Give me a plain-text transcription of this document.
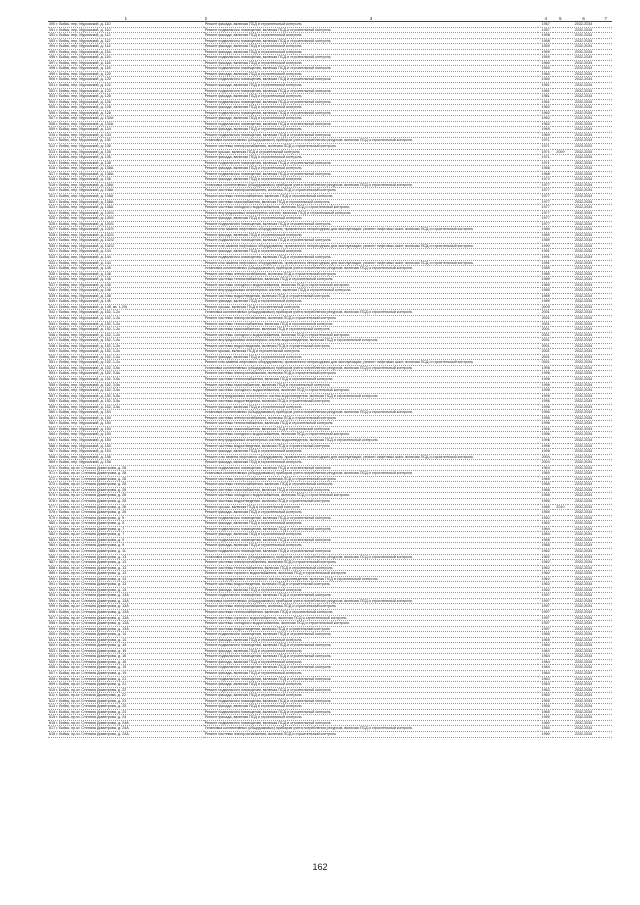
1	2	3	4	5	6	7
490 г. Бийск, пер. Муромский, д. 110		Ремонт фасада, включая ПСД и строительный контроль	1957		2032-2034	
491 г. Бийск, пер. Муромский, д. 110		Ремонт подвального помещения, включая ПСД и строительный контроль	1957		2032-2034	
492 г. Бийск, пер. Муромский, д. 112		Ремонт фасада, включая ПСД и строительный контроль	1958		2032-2034	
493 г. Бийск, пер. Муромский, д. 112		Ремонт подвального помещения, включая ПСД и строительный контроль	1958		2032-2034	
494 г. Бийск, пер. Муромский, д. 114		Ремонт фасада, включая ПСД и строительный контроль	1959		2032-2034	
495 г. Бийск, пер. Муромский, д. 116		Ремонт фасада, включая ПСД и строительный контроль	1959		2032-2034	
496 г. Бийск, пер. Муромский, д. 116		Ремонт подвального помещения, включая ПСД и строительный контроль	1959		2032-2034	
497 г. Бийск, пер. Муромский, д. 118		Ремонт фасада, включая ПСД и строительный контроль	1960		2032-2034	
498 г. Бийск, пер. Муромский, д. 118		Ремонт подвального помещения, включая ПСД и строительный контроль	1960		2032-2034	
499 г. Бийск, пер. Муромский, д. 120		Ремонт фасада, включая ПСД и строительный контроль	1960		2032-2034	
500 г. Бийск, пер. Муромский, д. 120		Ремонт подвального помещения, включая ПСД и строительный контроль	1960		2032-2034	
501 г. Бийск, пер. Муромский, д. 122		Ремонт фасада, включая ПСД и строительный контроль	1961		2032-2034	
502 г. Бийск, пер. Муромский, д. 122		Ремонт подвального помещения, включая ПСД и строительный контроль	1961		2032-2034	
503 г. Бийск, пер. Муромский, д. 126		Ремонт фасада, включая ПСД и строительный контроль	1961		2032-2034	
504 г. Бийск, пер. Муромский, д. 126		Ремонт подвального помещения, включая ПСД и строительный контроль	1961		2032-2034	
505 г. Бийск, пер. Муромский, д. 128		Ремонт фасада, включая ПСД и строительный контроль	1962		2032-2034	
506 г. Бийск, пер. Муромский, д. 128		Ремонт подвального помещения, включая ПСД и строительный контроль	1962		2032-2034	
507 г. Бийск, пер. Муромский, д. 130А		Ремонт фасада, включая ПСД и строительный контроль	1962		2032-2034	
508 г. Бийск, пер. Муромский, д. 130А		Ремонт подвального помещения, включая ПСД и строительный контроль	1962		2032-2034	
509 г. Бийск, пер. Муромский, д. 134		Ремонт фасада, включая ПСД и строительный контроль	1969		2032-2034	
510 г. Бийск, пер. Муромский, д. 134		Ремонт подвального помещения, включая ПСД и строительный контроль	1969		2032-2034	
511 г. Бийск, пер. Муромский, д. 136		Установка коллективных (общедомовых) приборов учета потребления ресурсов, включая ПСД и строительный контроль	1971		2032-2034	
512 г. Бийск, пер. Муромский, д. 136		Ремонт системы электроснабжения, включая ПСД и строительный контроль	1971		2020-2022	
513 г. Бийск, пер. Муромский, д. 136		Ремонт крыши, включая ПСД и строительный контроль	1971	2009	2032-2034	
514 г. Бийск, пер. Муромский, д. 136		Ремонт фасада, включая ПСД и строительный контроль	1971		2032-2034	
515 г. Бийск, пер. Муромский, д. 138		Ремонт подвального помещения, включая ПСД и строительный контроль	1971		2032-2034	
516 г. Бийск, пер. Муромский, д. 138А		Ремонт фасада, включая ПСД и строительный контроль	1968		2032-2034	
517 г. Бийск, пер. Муромский, д. 138А		Ремонт подвального помещения, включая ПСД и строительный контроль	1968		2032-2034	
518 г. Бийск, пер. Муромский, д. 138		Ремонт фасада, включая ПСД и строительный контроль	1972		2032-2034	
519 г. Бийск, пер. Муромский, д. 138А		Установка коллективных (общедомовых) приборов учета потребления ресурсов, включая ПСД и строительный контроль	1977		2032-2034	
520 г. Бийск, пер. Муромский, д. 138А		Ремонт системы электроснабжения, включая ПСД и строительный контроль	1977		2032-2034	
521 г. Бийск, пер. Муромский, д. 138А		Ремонт системы теплоснабжения, включая ПСД и строительный контроль	1977		2032-2034	
522 г. Бийск, пер. Муромский, д. 138А		Ремонт системы газоснабжения, включая ПСД и строительный контроль	1977		2032-2034	
523 г. Бийск, пер. Муромский, д. 138А		Ремонт системы холодного водоснабжения, включая ПСД и строительный контроль	1977		2032-2034	
524 г. Бийск, пер. Муромский, д. 140/1		Ремонт внутридомовых инженерных систем, включая ПСД и строительный контроль	1977		2032-2034	
525 г. Бийск, пер. Муромский, д. 140/1		Ремонт фасада, включая ПСД и строительный контроль	1977		2032-2034	
526 г. Бийск, пер. Муромский, д. 140/1		Ремонт подвального помещения, включая ПСД и строительный контроль	1977		2032-2034	
527 г. Бийск, пер. Муромский, д. 142/1		Ремонт или замена лифтового оборудования, признанного непригодным для эксплуатации, ремонт лифтовых шахт, включая ПСД и строительный контроль	1989		2032-2034	
528 г. Бийск, пер. Муромский, д. 142/1		Ремонт фасада, включая ПСД и строительный контроль	1989		2032-2034	
529 г. Бийск, пер. Муромский, д. 142/2		Ремонт подвального помещения, включая ПСД и строительный контроль	1989		2032-2034	
530 г. Бийск, пер. Муромский, д. 142/2		Ремонт или замена лифтового оборудования, признанного непригодным для эксплуатации, ремонт лифтовых шахт, включая ПСД и строительный контроль	1990		2032-2034	
531 г. Бийск, пер. Муромский, д. 144		Ремонт фасада, включая ПСД и строительный контроль	1991		2032-2034	
532 г. Бийск, пер. Муромский, д. 144		Ремонт подвального помещения, включая ПСД и строительный контроль	1991		2032-2034	
533 г. Бийск, пер. Муромский, д. 144		Ремонт или замена лифтового оборудования, признанного непригодным для эксплуатации, ремонт лифтовых шахт, включая ПСД и строительный контроль	1991		2032-2034	
534 г. Бийск, пер. Муромский, д. 146		Установка коллективных (общедомовых) приборов учета потребления ресурсов, включая ПСД и строительный контроль	1989		2032-2034	
535 г. Бийск, пер. Муромский, д. 146		Ремонт системы электроснабжения, включая ПСД и строительный контроль	1989		2032-2034	
536 г. Бийск, пер. Муромский, д. 146		Ремонт системы теплоснабжения, включая ПСД и строительный контроль	1989		2032-2034	
537 г. Бийск, пер. Муромский, д. 146		Ремонт системы холодного водоснабжения, включая ПСД и строительный контроль	1989		2032-2034	
538 г. Бийск, пер. Муромский, д. 146		Ремонт внутридомовых инженерных систем, включая ПСД и строительный контроль	1989		2032-2034	
539 г. Бийск, пер. Муромский, д. 146		Ремонт системы водоотведения, включая ПСД и строительный контроль	1989		2032-2034	
540 г. Бийск, пер. Муромский, д. 146		Ремонт фасада, включая ПСД и строительный контроль	1989		2032-2034	
541 г. Бийск, пер. Муромский, д. 148, кв. 1-29)		Ремонт крыши, включая ПСД и строительный контроль	2005		2032-2034	
542 г. Бийск, пер. Муромский, д. 152, 1-2к		Установка коллективных (общедомовых) приборов учета потребления ресурсов, включая ПСД и строительный контроль	2001		2032-2034	
543 г. Бийск, пер. Муромский, д. 152, 1-2к		Ремонт системы электроснабжения, включая ПСД и строительный контроль	2001		2032-2034	
544 г. Бийск, пер. Муромский, д. 152, 1-2к		Ремонт системы теплоснабжения, включая ПСД и строительный контроль	2001		2032-2034	
545 г. Бийск, пер. Муромский, д. 152, 1-2к		Ремонт системы газоснабжения, включая ПСД и строительный контроль	2001		2032-2034	
546 г. Бийск, пер. Муромский, д. 152, 1-2к		Ремонт системы холодного водоснабжения, включая ПСД и строительный контроль	2001		2032-2034	
547 г. Бийск, пер. Муромский, д. 152, 1-2к		Ремонт внутридомовых инженерных систем водоотведения, включая ПСД и строительный контроль	2001		2032-2034	
548 г. Бийск, пер. Муромский, д. 152, 1-2к		Ремонт системы водоотведения, включая ПСД и строительный контроль	2001		2032-2034	
549 г. Бийск, пер. Муромский, д. 152, 1-2к		Ремонт крыши, включая ПСД и строительный контроль	2001		2032-2034	
550 г. Бийск, пер. Муромский, д. 152, 1-2к		Ремонт фасада, включая ПСД и строительный контроль	2001		2032-2034	
551 г. Бийск, пер. Муромский, д. 152, 1-2к		Ремонт или замена лифтового оборудования, признанного непригодным для эксплуатации, ремонт лифтовых шахт, включая ПСД и строительный контроль	2001		2032-2034	
552 г. Бийск, пер. Муромский, д. 152, 3-5к		Установка коллективных (общедомовых) приборов учета потребления ресурсов, включая ПСД и строительный контроль	1996		2032-2034	
553 г. Бийск, пер. Муромский, д. 152, 3-5к		Ремонт системы электроснабжения, включая ПСД и строительный контроль	1996		2032-2034	
554 г. Бийск, пер. Муромский, д. 152, 3-5к		Ремонт системы теплоснабжения, включая ПСД и строительный контроль	1996		2032-2034	
555 г. Бийск, пер. Муромский, д. 152, 3-5к		Ремонт системы газоснабжения, включая ПСД и строительный контроль	1996		2032-2034	
556 г. Бийск, пер. Муромский, д. 152, 3-5к		Ремонт системы холодного водоснабжения, включая ПСД и строительный контроль	1996		2032-2034	
557 г. Бийск, пер. Муромский, д. 152, 3-5к		Ремонт внутридомовых инженерных систем водоотведения, включая ПСД и строительный контроль	1996		2032-2034	
558 г. Бийск, пер. Муромский, д. 152, 3-5к		Ремонт системы водоотведения, включая ПСД и строительный контроль	1996		2032-2034	
559 г. Бийск, пер. Муромский, д. 152, 3-5к		Ремонт фасада, включая ПСД и строительный контроль	1996		2032-2034	
560 г. Бийск, пер. Муромский, д. 154		Установка коллективных (общедомовых) приборов учета потребления ресурсов, включая ПСД и строительный контроль	1996		2032-2034	
561 г. Бийск, пер. Муромский, д. 154		Ремонт системы электроснабжения, включая ПСД и строительный контроль	1996		2032-2034	
562 г. Бийск, пер. Муромский, д. 154		Ремонт системы теплоснабжения, включая ПСД и строительный контроль	1996		2032-2034	
563 г. Бийск, пер. Муромский, д. 154		Ремонт системы газоснабжения, включая ПСД и строительный контроль	1996		2032-2034	
564 г. Бийск, пер. Муромский, д. 154		Ремонт системы холодного водоснабжения, включая ПСД и строительный контроль	1996		2032-2034	
565 г. Бийск, пер. Муромский, д. 154		Ремонт внутридомовых инженерных систем водоотведения, включая ПСД и строительный контроль	1996		2032-2034	
566 г. Бийск, пер. Муромский, д. 154		Ремонт системы водоотведения, включая ПСД и строительный контроль	1996		2032-2034	
567 г. Бийск, пер. Муромский, д. 154		Ремонт фасада, включая ПСД и строительный контроль	1996		2032-2034	
568 г. Бийск, пер. Муромский, д. 156		Ремонт или замена лифтового оборудования, признанного непригодным для эксплуатации, ремонт лифтовых шахт, включая ПСД и строительный контроль	2004		2032-2034	
569 г. Бийск, пер. Муромский, д. 156		Ремонт фасада, включая ПСД и строительный контроль	2004		2032-2034	
570 г. Бийск, пр-кт. Степана Димитрова, д. 26		Ремонт подвального помещения, включая ПСД и строительный контроль	1964		2032-2034	
571 г. Бийск, пр-кт. Степана Димитрова, д. 26		Установка коллективных (общедомовых) приборов учета потребления ресурсов, включая ПСД и строительный контроль	1965		2032-2034	
572 г. Бийск, пр-кт. Степана Димитрова, д. 26		Ремонт системы электроснабжения, включая ПСД и строительный контроль	1965		2032-2034	
573 г. Бийск, пр-кт. Степана Димитрова, д. 26		Ремонт системы теплоснабжения, включая ПСД и строительный контроль	1965		2032-2034	
574 г. Бийск, пр-кт. Степана Димитрова, д. 26		Ремонт системы газоснабжения, включая ПСД и строительный контроль	1965		2032-2034	
575 г. Бийск, пр-кт. Степана Димитрова, д. 26		Ремонт системы холодного водоснабжения, включая ПСД и строительный контроль	1965		2032-2034	
576 г. Бийск, пр-кт. Степана Димитрова, д. 26		Ремонт системы водоотведения, включая ПСД и строительный контроль	1965		2032-2034	
577 г. Бийск, пр-кт. Степана Димитрова, д. 26		Ремонт крыши, включая ПСД и строительный контроль	1965	2010	2032-2034	
578 г. Бийск, пр-кт. Степана Димитрова, д. 26		Ремонт фасада, включая ПСД и строительный контроль	1965		2032-2034	
579 г. Бийск, пр-кт. Степана Димитрова, д. 5		Ремонт подвального помещения, включая ПСД и строительный контроль	1962		2032-2034	
580 г. Бийск, пр-кт. Степана Димитрова, д. 5		Ремонт фасада, включая ПСД и строительный контроль	1962		2032-2034	
581 г. Бийск, пр-кт. Степана Димитрова, д. 7		Ремонт подвального помещения, включая ПСД и строительный контроль	1964		2032-2034	
582 г. Бийск, пр-кт. Степана Димитрова, д. 7		Ремонт фасада, включая ПСД и строительный контроль	1964		2032-2034	
583 г. Бийск, пр-кт. Степана Димитрова, д. 9		Ремонт подвального помещения, включая ПСД и строительный контроль	1965		2032-2034	
584 г. Бийск, пр-кт. Степана Димитрова, д. 9		Ремонт фасада, включая ПСД и строительный контроль	1965		2032-2034	
585 г. Бийск, пр-кт. Степана Димитрова, д. 11		Ремонт подвального помещения, включая ПСД и строительный контроль	1962		2032-2034	
586 г. Бийск, пр-кт. Степана Димитрова, д. 13		Установка коллективных (общедомовых) приборов учета потребления ресурсов, включая ПСД и строительный контроль	1962		2032-2034	
587 г. Бийск, пр-кт. Степана Димитрова, д. 13		Ремонт системы электроснабжения, включая ПСД и строительный контроль	1962		2032-2034	
588 г. Бийск, пр-кт. Степана Димитрова, д. 13		Ремонт системы теплоснабжения, включая ПСД и строительный контроль	1962		2032-2034	
589 г. Бийск, пр-кт. Степана Димитрова, д. 13		Ремонт системы горячего водоснабжения, включая ПСД и строительный контроль	1962		2032-2034	
590 г. Бийск, пр-кт. Степана Димитрова, д. 13		Ремонт внутридомовых инженерных систем водоотведения, включая ПСД и строительный контроль	1962		2032-2034	
591 г. Бийск, пр-кт. Степана Димитрова, д. 13		Ремонт системы водоотведения, включая ПСД и строительный контроль	1962		2032-2034	
592 г. Бийск, пр-кт. Степана Димитрова, д. 13		Ремонт фасада, включая ПСД и строительный контроль	1962		2032-2034	
593 г. Бийск, пр-кт. Степана Димитрова, д. 13А		Ремонт подвального помещения, включая ПСД и строительный контроль	1997		2032-2034	
594 г. Бийск, пр-кт. Степана Димитрова, д. 13А		Установка коллективных (общедомовых) приборов учета потребления ресурсов, включая ПСД и строительный контроль	1997		2032-2034	
595 г. Бийск, пр-кт. Степана Димитрова, д. 13А		Ремонт системы электроснабжения, включая ПСД и строительный контроль	1997		2032-2034	
596 г. Бийск, пр-кт. Степана Димитрова, д. 13А		Ремонт системы теплоснабжения, включая ПСД и строительный контроль	1997		2032-2034	
597 г. Бийск, пр-кт. Степана Димитрова, д. 13А		Ремонт системы горячего водоснабжения, включая ПСД и строительный контроль	1997		2032-2034	
598 г. Бийск, пр-кт. Степана Димитрова, д. 13А		Ремонт системы холодного водоснабжения, включая ПСД и строительный контроль	1997		2032-2034	
599 г. Бийск, пр-кт. Степана Димитрова, д. 13А		Ремонт системы водоотведения, включая ПСД и строительный контроль	1997		2032-2034	
600 г. Бийск, пр-кт. Степана Димитрова, д. 14		Ремонт подвального помещения, включая ПСД и строительный контроль	1965		2032-2034	
601 г. Бийск, пр-кт. Степана Димитрова, д. 14		Ремонт фасада, включая ПСД и строительный контроль	1965		2032-2034	
602 г. Бийск, пр-кт. Степана Димитрова, д. 15		Ремонт подвального помещения, включая ПСД и строительный контроль	1964		2032-2034	
603 г. Бийск, пр-кт. Степана Димитрова, д. 15		Ремонт фасада, включая ПСД и строительный контроль	1964		2032-2034	
604 г. Бийск, пр-кт. Степана Димитрова, д. 16		Ремонт подвального помещения, включая ПСД и строительный контроль	1964		2032-2034	
605 г. Бийск, пр-кт. Степана Димитрова, д. 16		Ремонт фасада, включая ПСД и строительный контроль	1964		2032-2034	
606 г. Бийск, пр-кт. Степана Димитрова, д. 19		Ремонт подвального помещения, включая ПСД и строительный контроль	1964		2032-2034	
607 г. Бийск, пр-кт. Степана Димитрова, д. 19		Ремонт фасада, включая ПСД и строительный контроль	1964		2032-2034	
608 г. Бийск, пр-кт. Степана Димитрова, д. 21		Ремонт подвального помещения, включая ПСД и строительный контроль	1963		2032-2034	
609 г. Бийск, пр-кт. Степана Димитрова, д. 21		Ремонт фасада, включая ПСД и строительный контроль	1963		2032-2034	
610 г. Бийск, пр-кт. Степана Димитрова, д. 22		Ремонт подвального помещения, включая ПСД и строительный контроль	1963		2032-2034	
611 г. Бийск, пр-кт. Степана Димитрова, д. 22		Ремонт фасада, включая ПСД и строительный контроль	1963		2032-2034	
612 г. Бийск, пр-кт. Степана Димитрова, д. 23		Ремонт подвального помещения, включая ПСД и строительный контроль	1959		2032-2034	
613 г. Бийск, пр-кт. Степана Димитрова, д. 23		Ремонт фасада, включая ПСД и строительный контроль	1959		2032-2034	
614 г. Бийск, пр-кт. Степана Димитрова, д. 24		Ремонт подвального помещения, включая ПСД и строительный контроль	1960		2032-2034	
615 г. Бийск, пр-кт. Степана Димитрова, д. 24		Ремонт фасада, включая ПСД и строительный контроль	1960		2032-2034	
616 г. Бийск, пр-кт. Степана Димитрова, д. 24А		Ремонт подвального помещения, включая ПСД и строительный контроль	1960		2032-2034	
617 г. Бийск, пр-кт. Степана Димитрова, д. 24А		Установка коллективных (общедомовых) приборов учета потребления ресурсов, включая ПСД и строительный контроль	1960		2032-2034	
618 г. Бийск, пр-кт. Степана Димитрова, д. 24А		Ремонт системы электроснабжения, включая ПСД и строительный контроль	1960		2032-2034	
162
